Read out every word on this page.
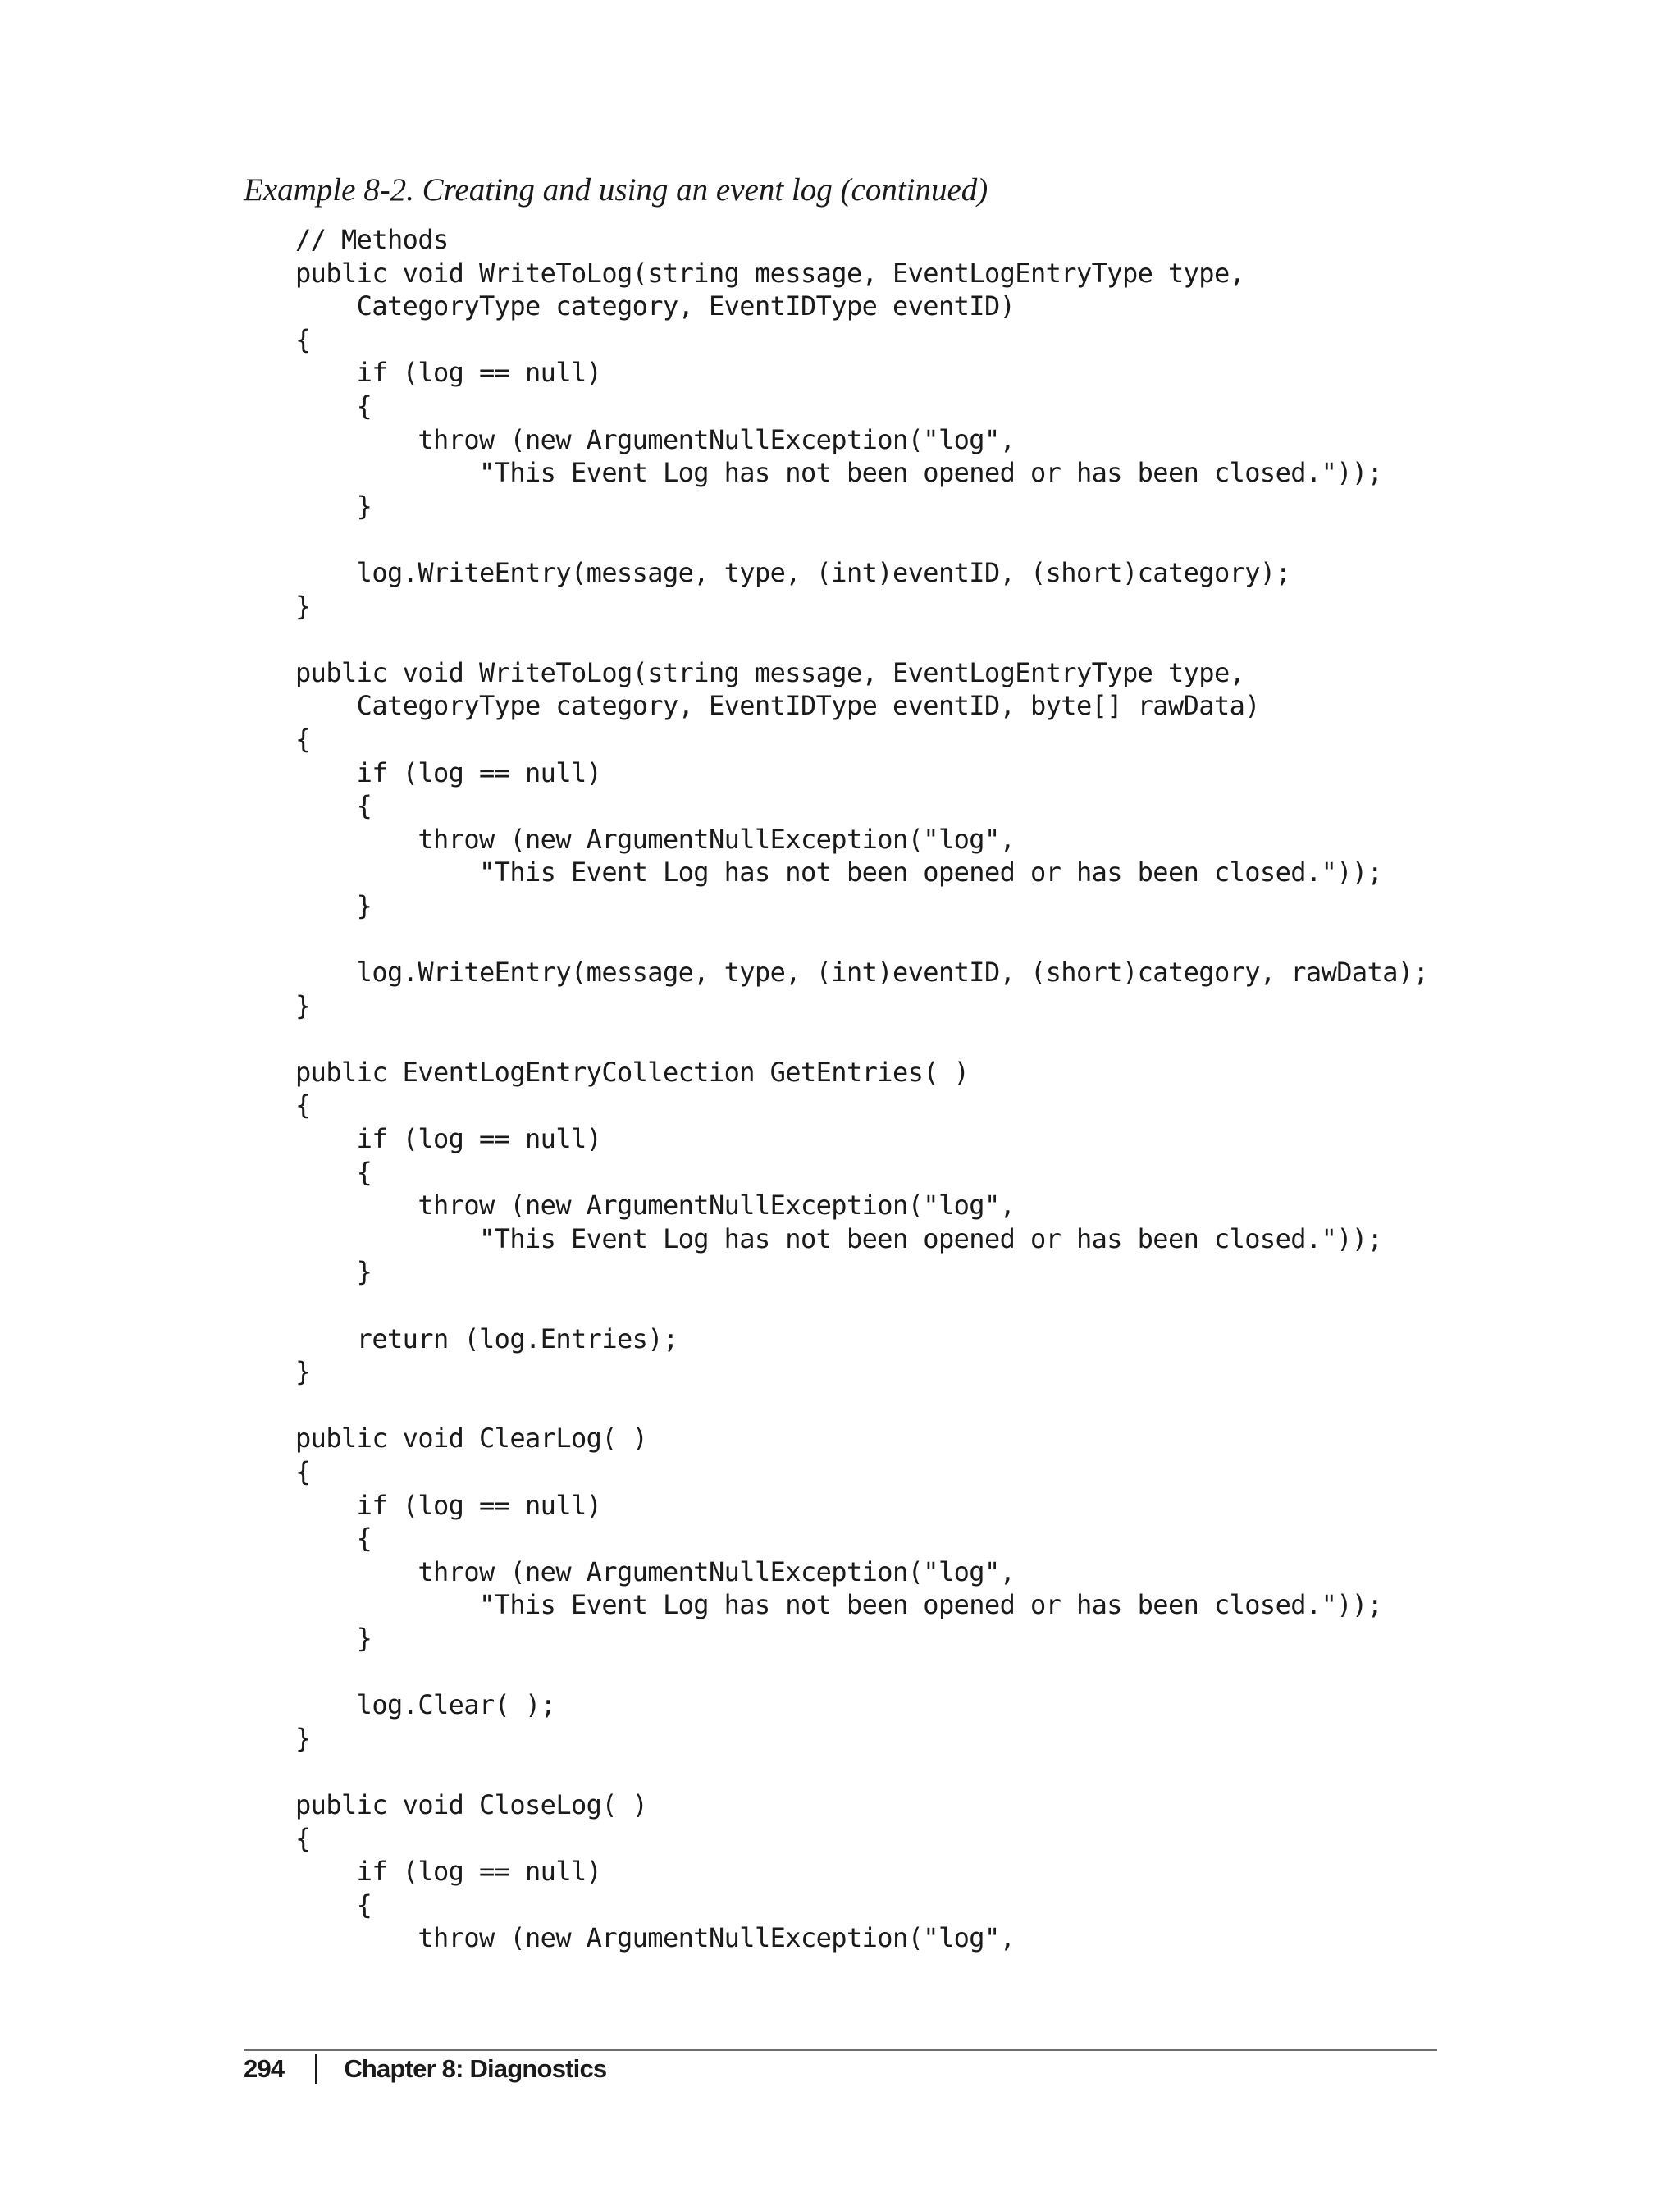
Example 8-2. Creating and using an event log (continued)
// Methods
public void WriteToLog(string message, EventLogEntryType type,
CategoryType category, EventIDType eventID)
{
if (log == null)
{
throw (new ArgumentNullException("log",
"This Event Log has not been opened or has been closed."));
}
log.WriteEntry(message, type, (int)eventID, (short)category);
}
public void WriteToLog(string message, EventLogEntryType type,
CategoryType category, EventIDType eventID, byte[] rawData)
{
if (log == null)
{
throw (new ArgumentNullException("log",
"This Event Log has not been opened or has been closed."));
}
log.WriteEntry(message, type, (int)eventID, (short)category, rawData);
}
public EventLogEntryCollection GetEntries( )
{
if (log == null)
{
throw (new ArgumentNullException("log",
"This Event Log has not been opened or has been closed."));
}
return (log.Entries);
}
public void ClearLog( )
{
if (log == null)
{
throw (new ArgumentNullException("log",
"This Event Log has not been opened or has been closed."));
}
log.Clear( );
}
public void CloseLog( )
{
if (log == null)
{
throw (new ArgumentNullException("log",
294 Chapter 8: Diagnostics
